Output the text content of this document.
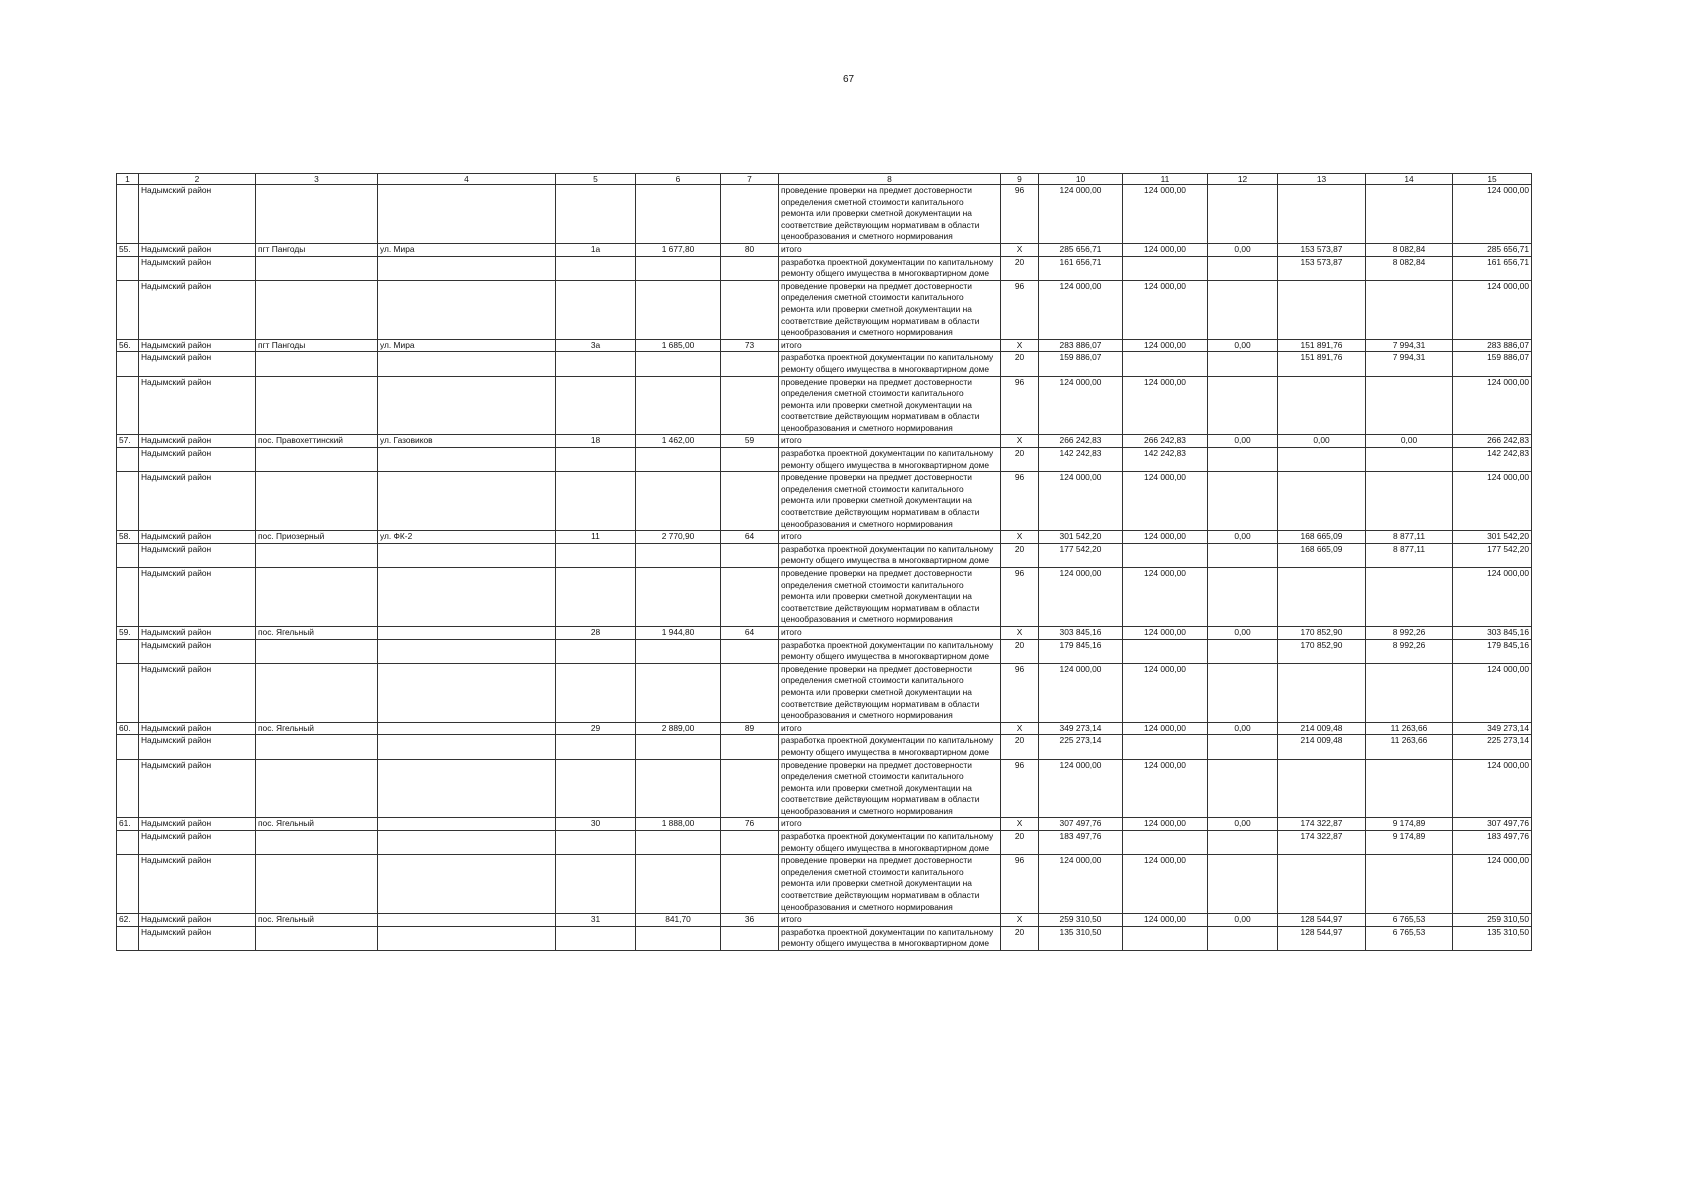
67
1	2	3	4	5	6	7	8	9	10	11	12	13	14	15
	Надымский район						проведение проверки на предмет достоверности определения сметной стоимости капитального ремонта или проверки сметной документации на соответствие действующим нормативам в области ценообразования и сметного нормирования	96	124 000,00	124 000,00				124 000,00
55.	Надымский район	пгт Пангоды	ул. Мира	1а	1 677,80	80	итого	Х	285 656,71	124 000,00	0,00	153 573,87	8 082,84	285 656,71
	Надымский район						разработка проектной документации по капитальному ремонту общего имущества в многоквартирном доме	20	161 656,71			153 573,87	8 082,84	161 656,71
	Надымский район						проведение проверки на предмет достоверности определения сметной стоимости капитального ремонта или проверки сметной документации на соответствие действующим нормативам в области ценообразования и сметного нормирования	96	124 000,00	124 000,00				124 000,00
56.	Надымский район	пгт Пангоды	ул. Мира	3а	1 685,00	73	итого	Х	283 886,07	124 000,00	0,00	151 891,76	7 994,31	283 886,07
	Надымский район						разработка проектной документации по капитальному ремонту общего имущества в многоквартирном доме	20	159 886,07			151 891,76	7 994,31	159 886,07
	Надымский район						проведение проверки на предмет достоверности определения сметной стоимости капитального ремонта или проверки сметной документации на соответствие действующим нормативам в области ценообразования и сметного нормирования	96	124 000,00	124 000,00				124 000,00
57.	Надымский район	пос. Правохеттинский	ул. Газовиков	18	1 462,00	59	итого	Х	266 242,83	266 242,83	0,00	0,00	0,00	266 242,83
	Надымский район						разработка проектной документации по капитальному ремонту общего имущества в многоквартирном доме	20	142 242,83	142 242,83				142 242,83
	Надымский район						проведение проверки на предмет достоверности определения сметной стоимости капитального ремонта или проверки сметной документации на соответствие действующим нормативам в области ценообразования и сметного нормирования	96	124 000,00	124 000,00				124 000,00
58.	Надымский район	пос. Приозерный	ул. ФК-2	11	2 770,90	64	итого	Х	301 542,20	124 000,00	0,00	168 665,09	8 877,11	301 542,20
	Надымский район						разработка проектной документации по капитальному ремонту общего имущества в многоквартирном доме	20	177 542,20			168 665,09	8 877,11	177 542,20
	Надымский район						проведение проверки на предмет достоверности определения сметной стоимости капитального ремонта или проверки сметной документации на соответствие действующим нормативам в области ценообразования и сметного нормирования	96	124 000,00	124 000,00				124 000,00
59.	Надымский район	пос. Ягельный		28	1 944,80	64	итого	Х	303 845,16	124 000,00	0,00	170 852,90	8 992,26	303 845,16
	Надымский район						разработка проектной документации по капитальному ремонту общего имущества в многоквартирном доме	20	179 845,16			170 852,90	8 992,26	179 845,16
	Надымский район						проведение проверки на предмет достоверности определения сметной стоимости капитального ремонта или проверки сметной документации на соответствие действующим нормативам в области ценообразования и сметного нормирования	96	124 000,00	124 000,00				124 000,00
60.	Надымский район	пос. Ягельный		29	2 889,00	89	итого	Х	349 273,14	124 000,00	0,00	214 009,48	11 263,66	349 273,14
	Надымский район						разработка проектной документации по капитальному ремонту общего имущества в многоквартирном доме	20	225 273,14			214 009,48	11 263,66	225 273,14
	Надымский район						проведение проверки на предмет достоверности определения сметной стоимости капитального ремонта или проверки сметной документации на соответствие действующим нормативам в области ценообразования и сметного нормирования	96	124 000,00	124 000,00				124 000,00
61.	Надымский район	пос. Ягельный		30	1 888,00	76	итого	Х	307 497,76	124 000,00	0,00	174 322,87	9 174,89	307 497,76
	Надымский район						разработка проектной документации по капитальному ремонту общего имущества в многоквартирном доме	20	183 497,76			174 322,87	9 174,89	183 497,76
	Надымский район						проведение проверки на предмет достоверности определения сметной стоимости капитального ремонта или проверки сметной документации на соответствие действующим нормативам в области ценообразования и сметного нормирования	96	124 000,00	124 000,00				124 000,00
62.	Надымский район	пос. Ягельный		31	841,70	36	итого	Х	259 310,50	124 000,00	0,00	128 544,97	6 765,53	259 310,50
	Надымский район						разработка проектной документации по капитальному ремонту общего имущества в многоквартирном доме	20	135 310,50			128 544,97	6 765,53	135 310,50
